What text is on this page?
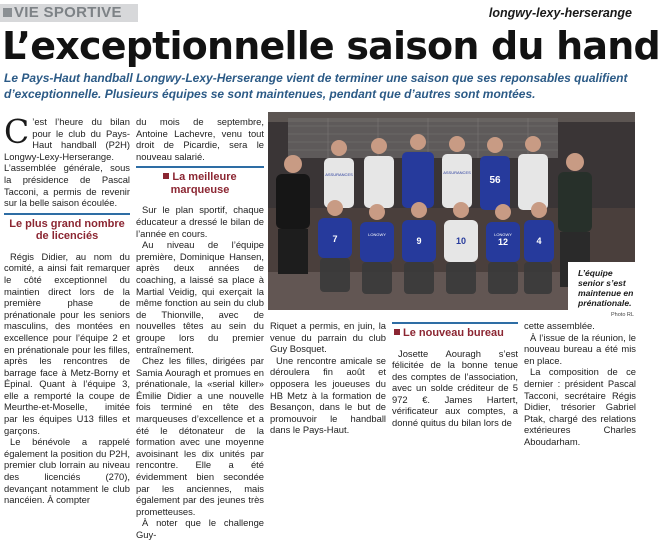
VIE SPORTIVE	longwy-lexy-herserange
L’exceptionnelle saison du hand

Le Pays-Haut handball Longwy-Lexy-Herserange vient de terminer une saison que ses reponsables qualifient d’exceptionnelle. Plusieurs équipes se sont maintenues, pendant que d’autres sont montées.

C ’est l’heure du bilan pour le club du Pays-Haut handball (P2H) Longwy-Lexy-Herserange. L’assemblée générale, sous la présidence de Pascal Tacconi, a permis de revenir sur la belle saison écoulée.

Le plus grand nombre de licenciés

Régis Didier, au nom du comité, a ainsi fait remarquer le côté exceptionnel du maintien direct lors de la première phase de prénationale pour les seniors masculins, des montées en excellence pour l’équipe 2 et en prénationale pour les filles, après les rencontres de barrage face à Metz-Borny et Épinal. Quant à l’équipe 3, elle a remporté la coupe de Meurthe-et-Moselle, imitée par les équipes U13 filles et garçons.

Le bénévole a rappelé également la position du P2H, premier club lorrain au niveau des licenciés (270), devançant notamment le club nancéien. À compter

du mois de septembre, Antoine Lachevre, venu tout droit de Picardie, sera le nouveau salarié.

La meilleure marqueuse

Sur le plan sportif, chaque éducateur a dressé le bilan de l’année en cours.

Au niveau de l’équipe première, Dominique Hansen, après deux années de coaching, a laissé sa place à Martial Veidig, qui exerçait la même fonction au sein du club de Thionville, avec de nouvelles têtes au sein du groupe lors du premier entraînement.

Chez les filles, dirigées par Samia Aouragh et promues en prénationale, la «serial killer» Émilie Didier a une nouvelle fois terminé en tête des marqueuses d’excellence et a été le détonateur de la formation avec une moyenne avoisinant les dix unités par rencontre. Elle a été évidemment bien secondée par les anciennes, mais également par des jeunes très prometteuses.

À noter que le challenge Guy-

56
7	9	10	12	4
ASSURANCES	ASSURANCES
LONGWY	LONGWY
L’équipe senior s’est maintenue en prénationale.
Photo RL

Riquet a permis, en juin, la venue du parrain du club Guy Bosquet.

Une rencontre amicale se déroulera fin août et opposera les joueuses du HB Metz à la formation de Besançon, dans le but de promouvoir le handball dans le Pays-Haut.

Le nouveau bureau

Josette Aouragh s’est félicitée de la bonne tenue des comptes de l’association, avec un solde créditeur de 5 972 €. James Hartert, vérificateur aux comptes, a donné quitus du bilan lors de

cette assemblée.

À l’issue de la réunion, le nouveau bureau a été mis en place.

La composition de ce dernier : président Pascal Tacconi, secrétaire Régis Didier, trésorier Gabriel Ptak, chargé des relations extérieures Charles Aboudarham.
